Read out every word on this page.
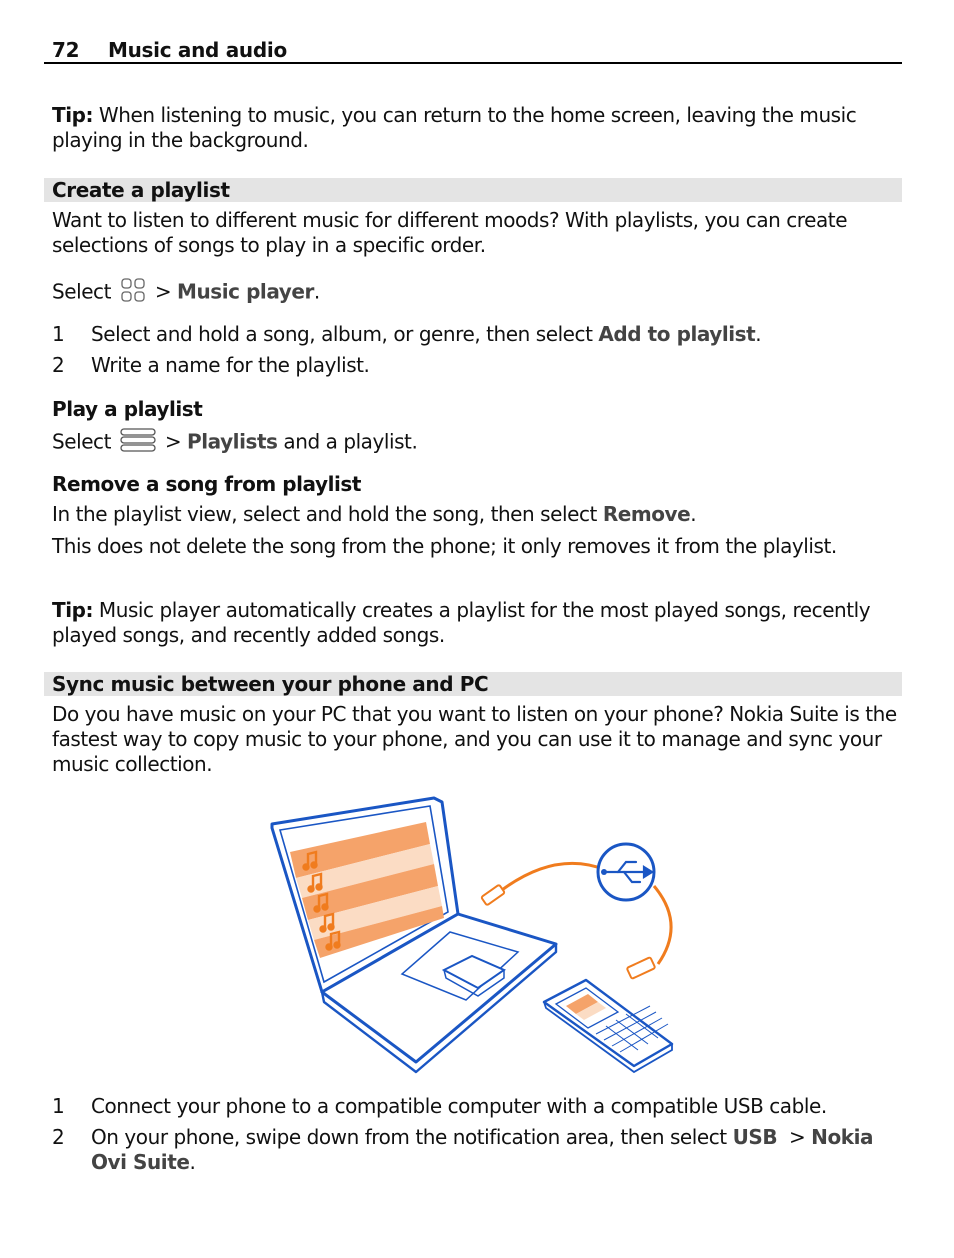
72 Music and audio
Tip: When listening to music, you can return to the home screen, leaving the music playing in the background.
Create a playlist
Want to listen to different music for different moods? With playlists, you can create selections of songs to play in a specific order.
Select  > Music player.
1 Select and hold a song, album, or genre, then select Add to playlist.
2 Write a name for the playlist.
Play a playlist
Select  > Playlists and a playlist.
Remove a song from playlist
In the playlist view, select and hold the song, then select Remove.
This does not delete the song from the phone; it only removes it from the playlist.
Tip: Music player automatically creates a playlist for the most played songs, recently played songs, and recently added songs.
Sync music between your phone and PC
Do you have music on your PC that you want to listen on your phone? Nokia Suite is the fastest way to copy music to your phone, and you can use it to manage and sync your music collection.
1 Connect your phone to a compatible computer with a compatible USB cable.
2 On your phone, swipe down from the notification area, then select USB  > Nokia Ovi Suite.
